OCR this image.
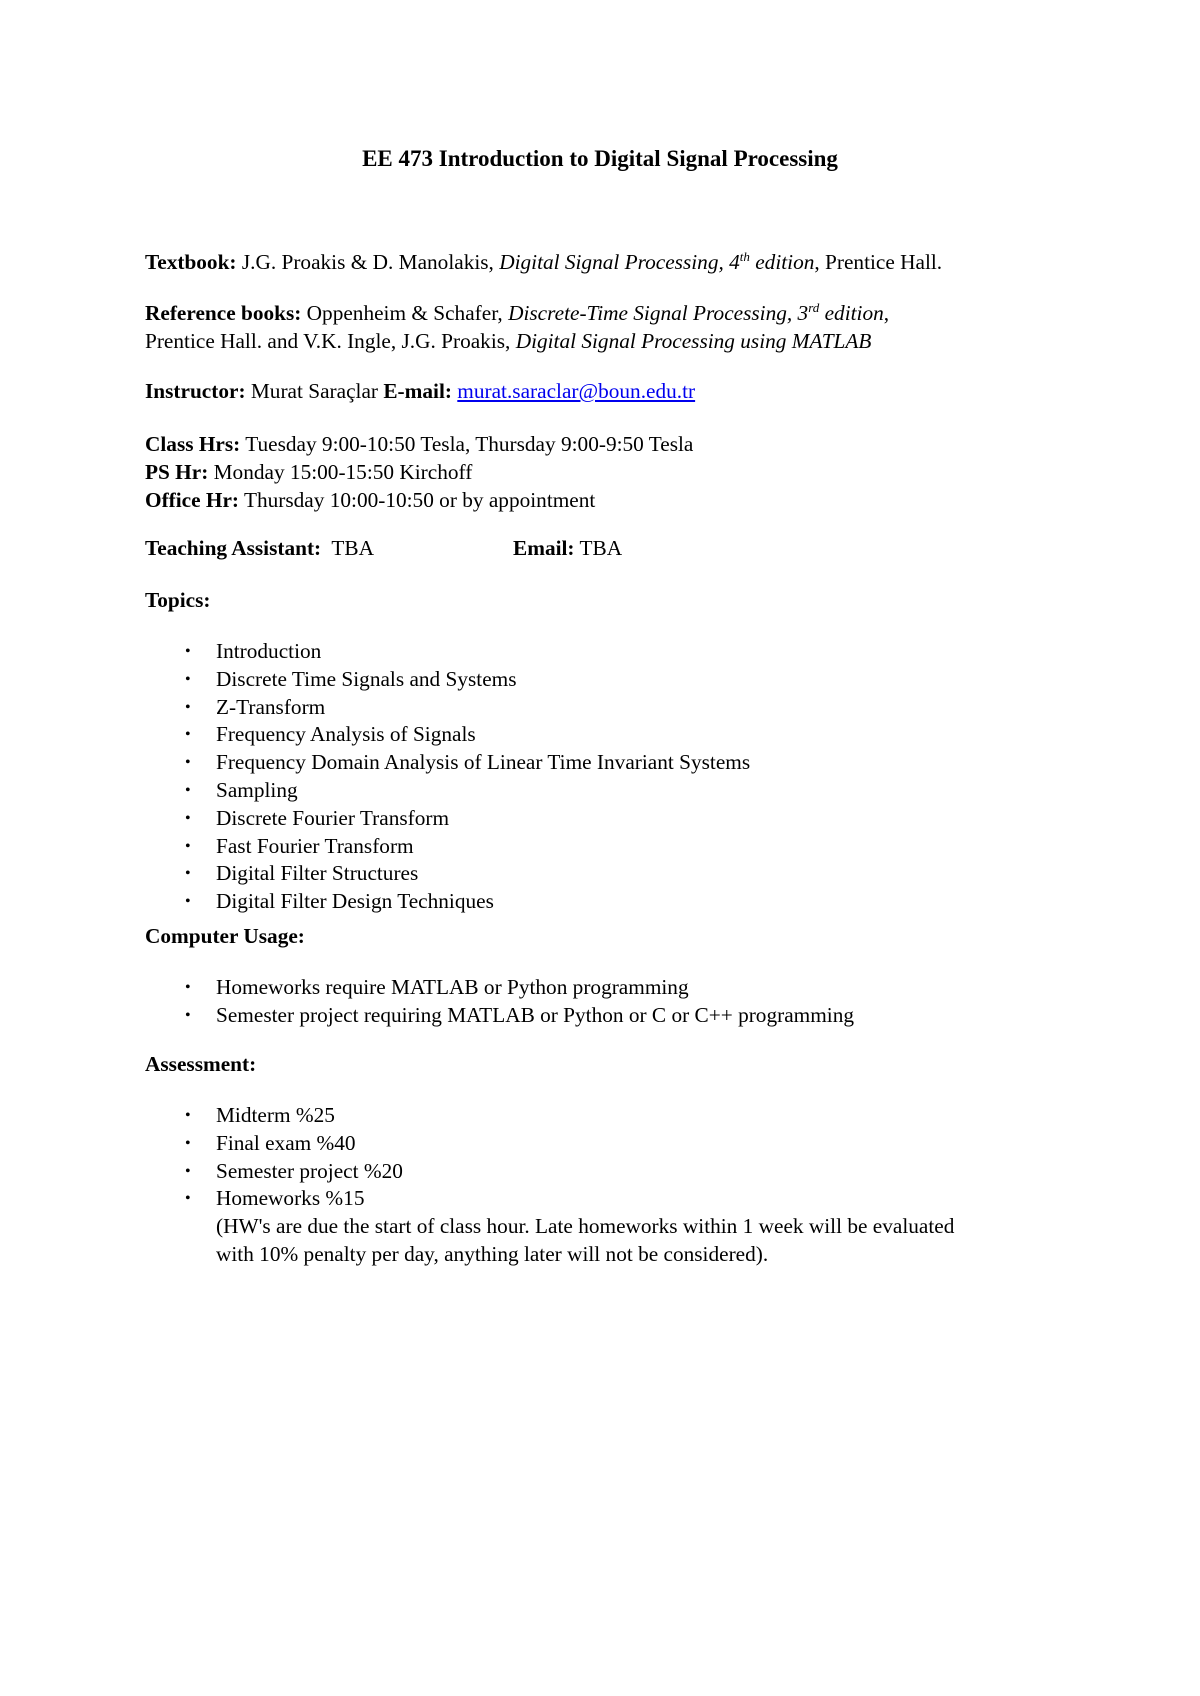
EE 473 Introduction to Digital Signal Processing
Textbook: J.G. Proakis & D. Manolakis, Digital Signal Processing, 4th edition, Prentice Hall.
Reference books: Oppenheim & Schafer, Discrete-Time Signal Processing, 3rd edition,
Prentice Hall. and V.K. Ingle, J.G. Proakis, Digital Signal Processing using MATLAB
Instructor: Murat Saraçlar E-mail: murat.saraclar@boun.edu.tr
Class Hrs: Tuesday 9:00-10:50 Tesla, Thursday 9:00-9:50 Tesla
PS Hr: Monday 15:00-15:50 Kirchoff
Office Hr: Thursday 10:00-10:50 or by appointment
Teaching Assistant: TBA	Email: TBA
Topics:
• Introduction
• Discrete Time Signals and Systems
• Z-Transform
• Frequency Analysis of Signals
• Frequency Domain Analysis of Linear Time Invariant Systems
• Sampling
• Discrete Fourier Transform
• Fast Fourier Transform
• Digital Filter Structures
• Digital Filter Design Techniques
Computer Usage:
• Homeworks require MATLAB or Python programming
• Semester project requiring MATLAB or Python or C or C++ programming
Assessment:
• Midterm %25
• Final exam %40
• Semester project %20
• Homeworks %15
(HW's are due the start of class hour. Late homeworks within 1 week will be evaluated
with 10% penalty per day, anything later will not be considered).
